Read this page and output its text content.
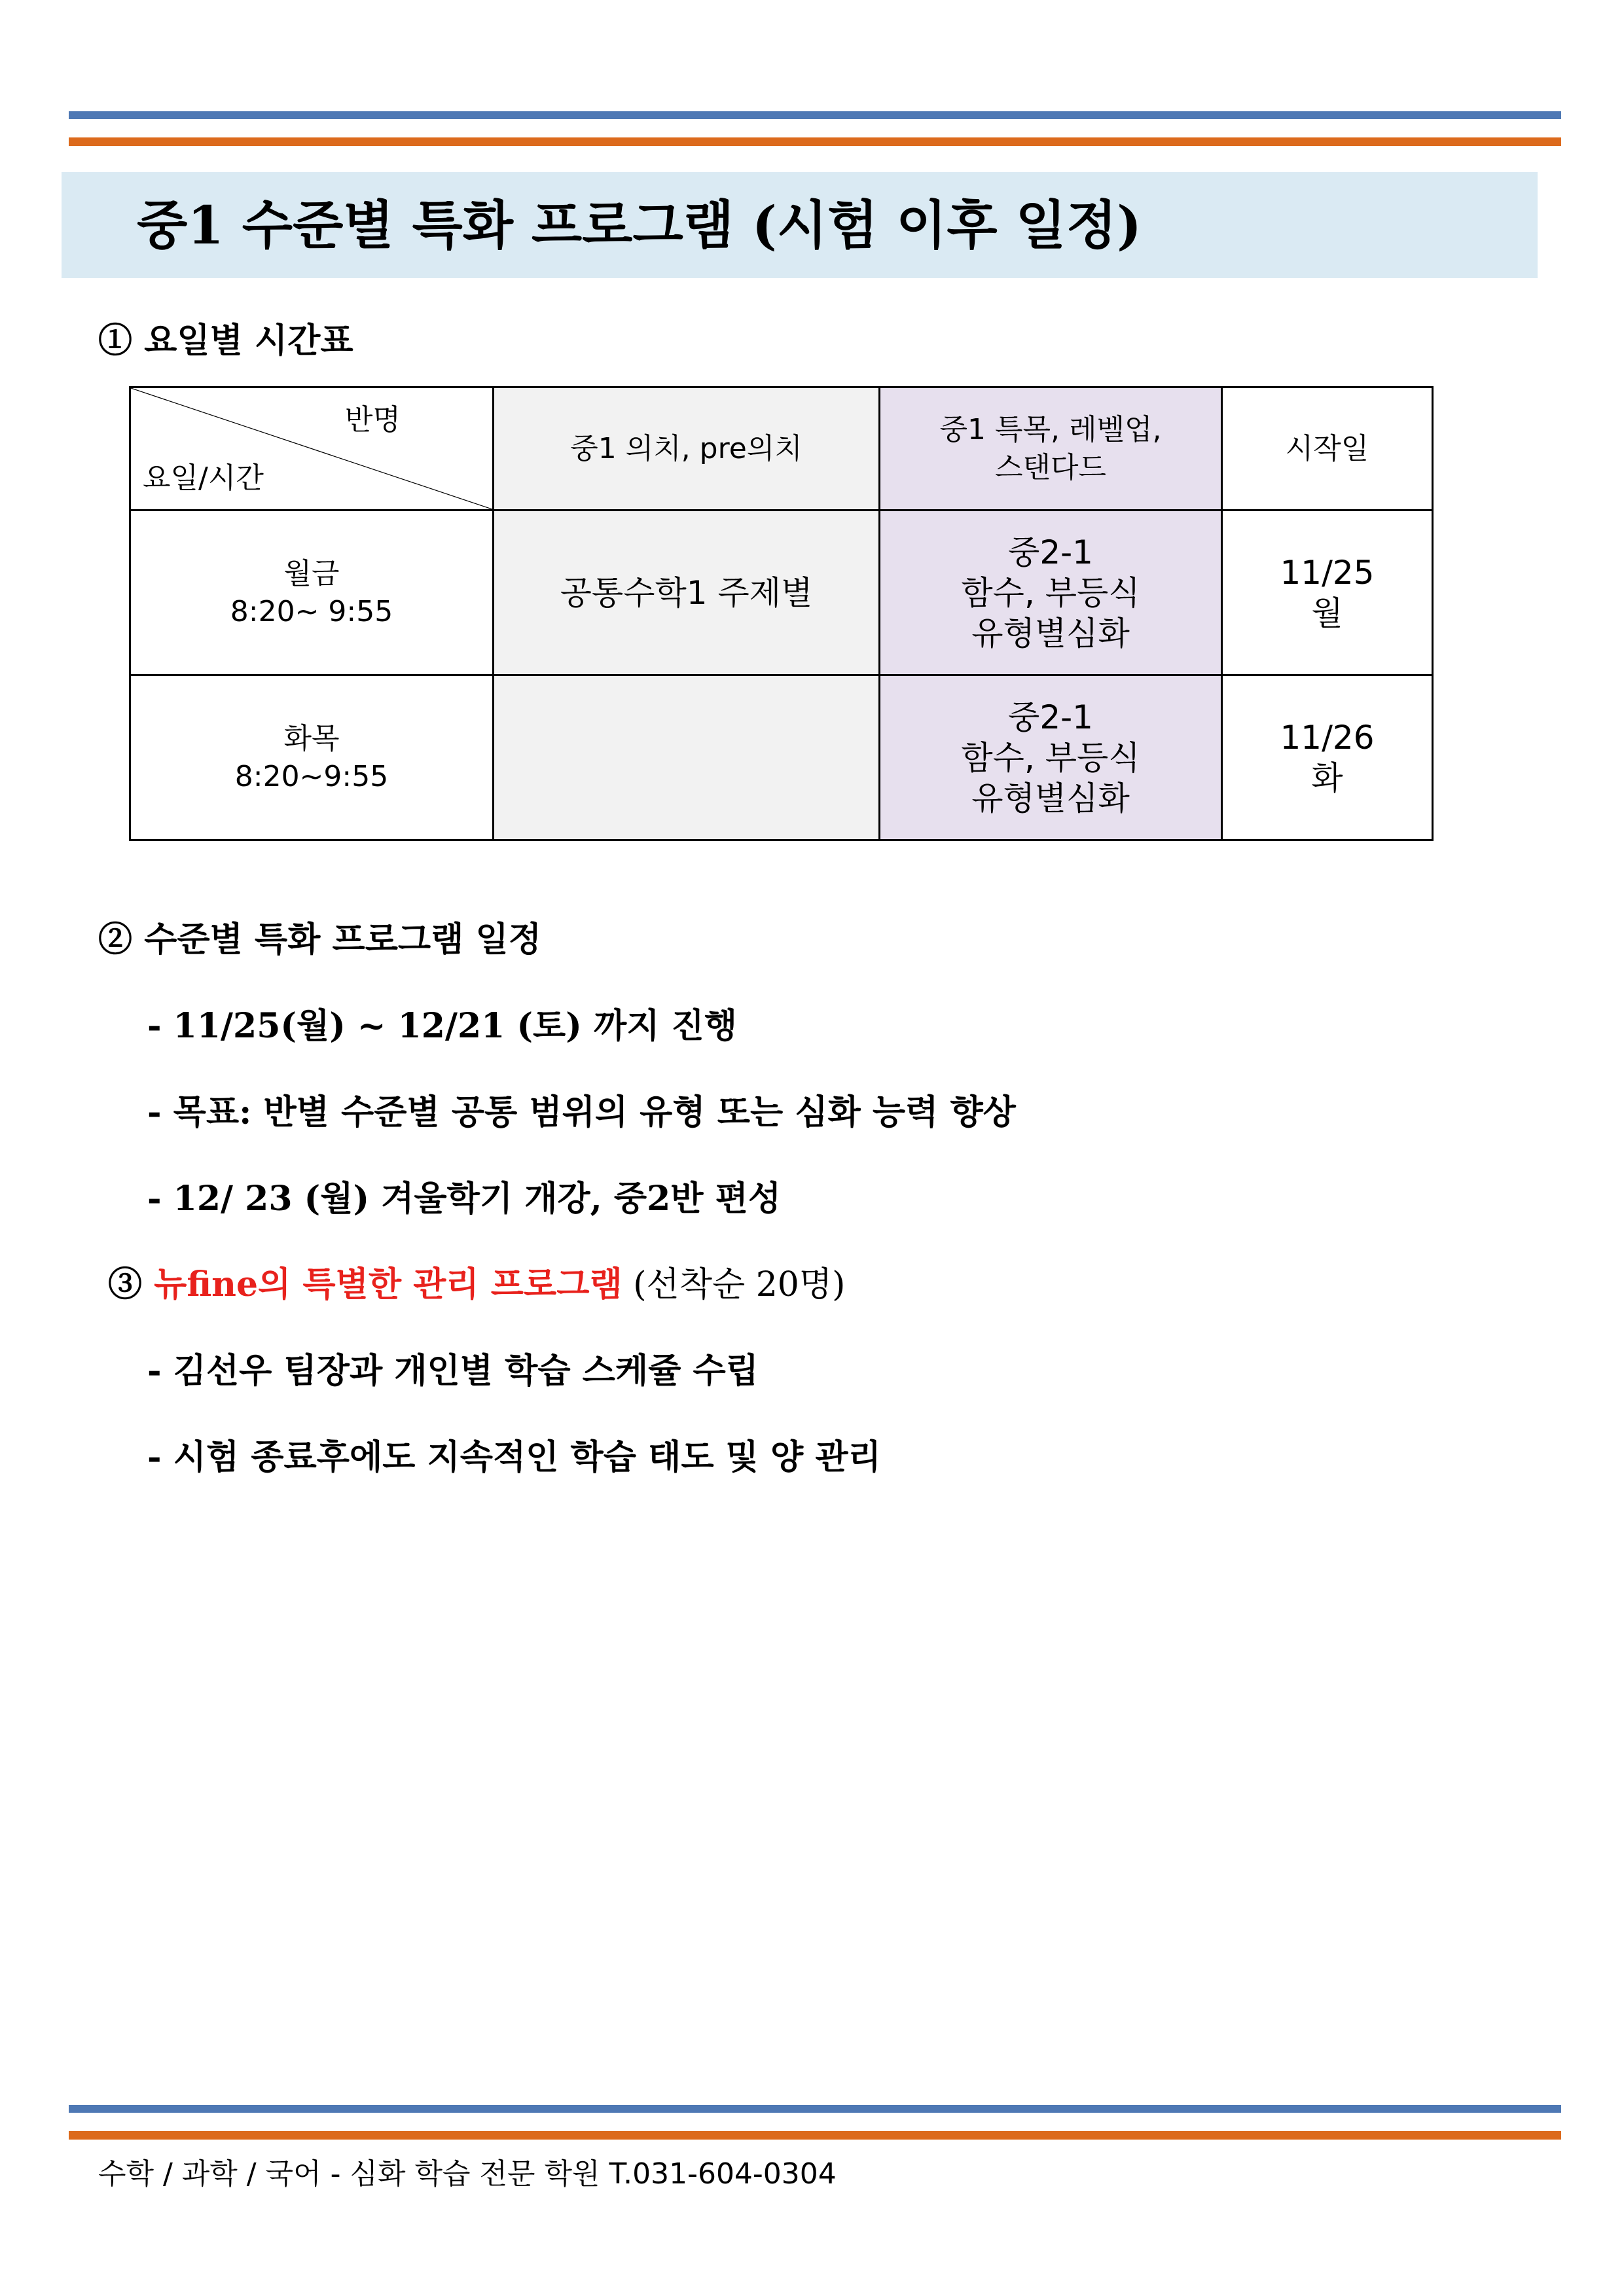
중1 수준별 특화 프로그램 (시험 이후 일정)
① 요일별 시간표
반명
요일/시간	중1 의치, pre의치	중1 특목, 레벨업,
스탠다드	시작일
월금
8:20~ 9:55	공통수학1 주제별	중2-1
함수, 부등식
유형별심화	11/25
월
화목
8:20~9:55		중2-1
함수, 부등식
유형별심화	11/26
화
② 수준별 특화 프로그램 일정
- 11/25(월) ~ 12/21 (토) 까지 진행
- 목표: 반별 수준별 공통 범위의 유형 또는 심화 능력 향상
- 12/ 23 (월) 겨울학기 개강, 중2반 편성
③ 뉴fine의 특별한 관리 프로그램 (선착순 20명)
- 김선우 팀장과 개인별 학습 스케쥴 수립
- 시험 종료후에도 지속적인 학습 태도 및 양 관리
수학 / 과학 / 국어 - 심화 학습 전문 학원 T.031-604-0304
